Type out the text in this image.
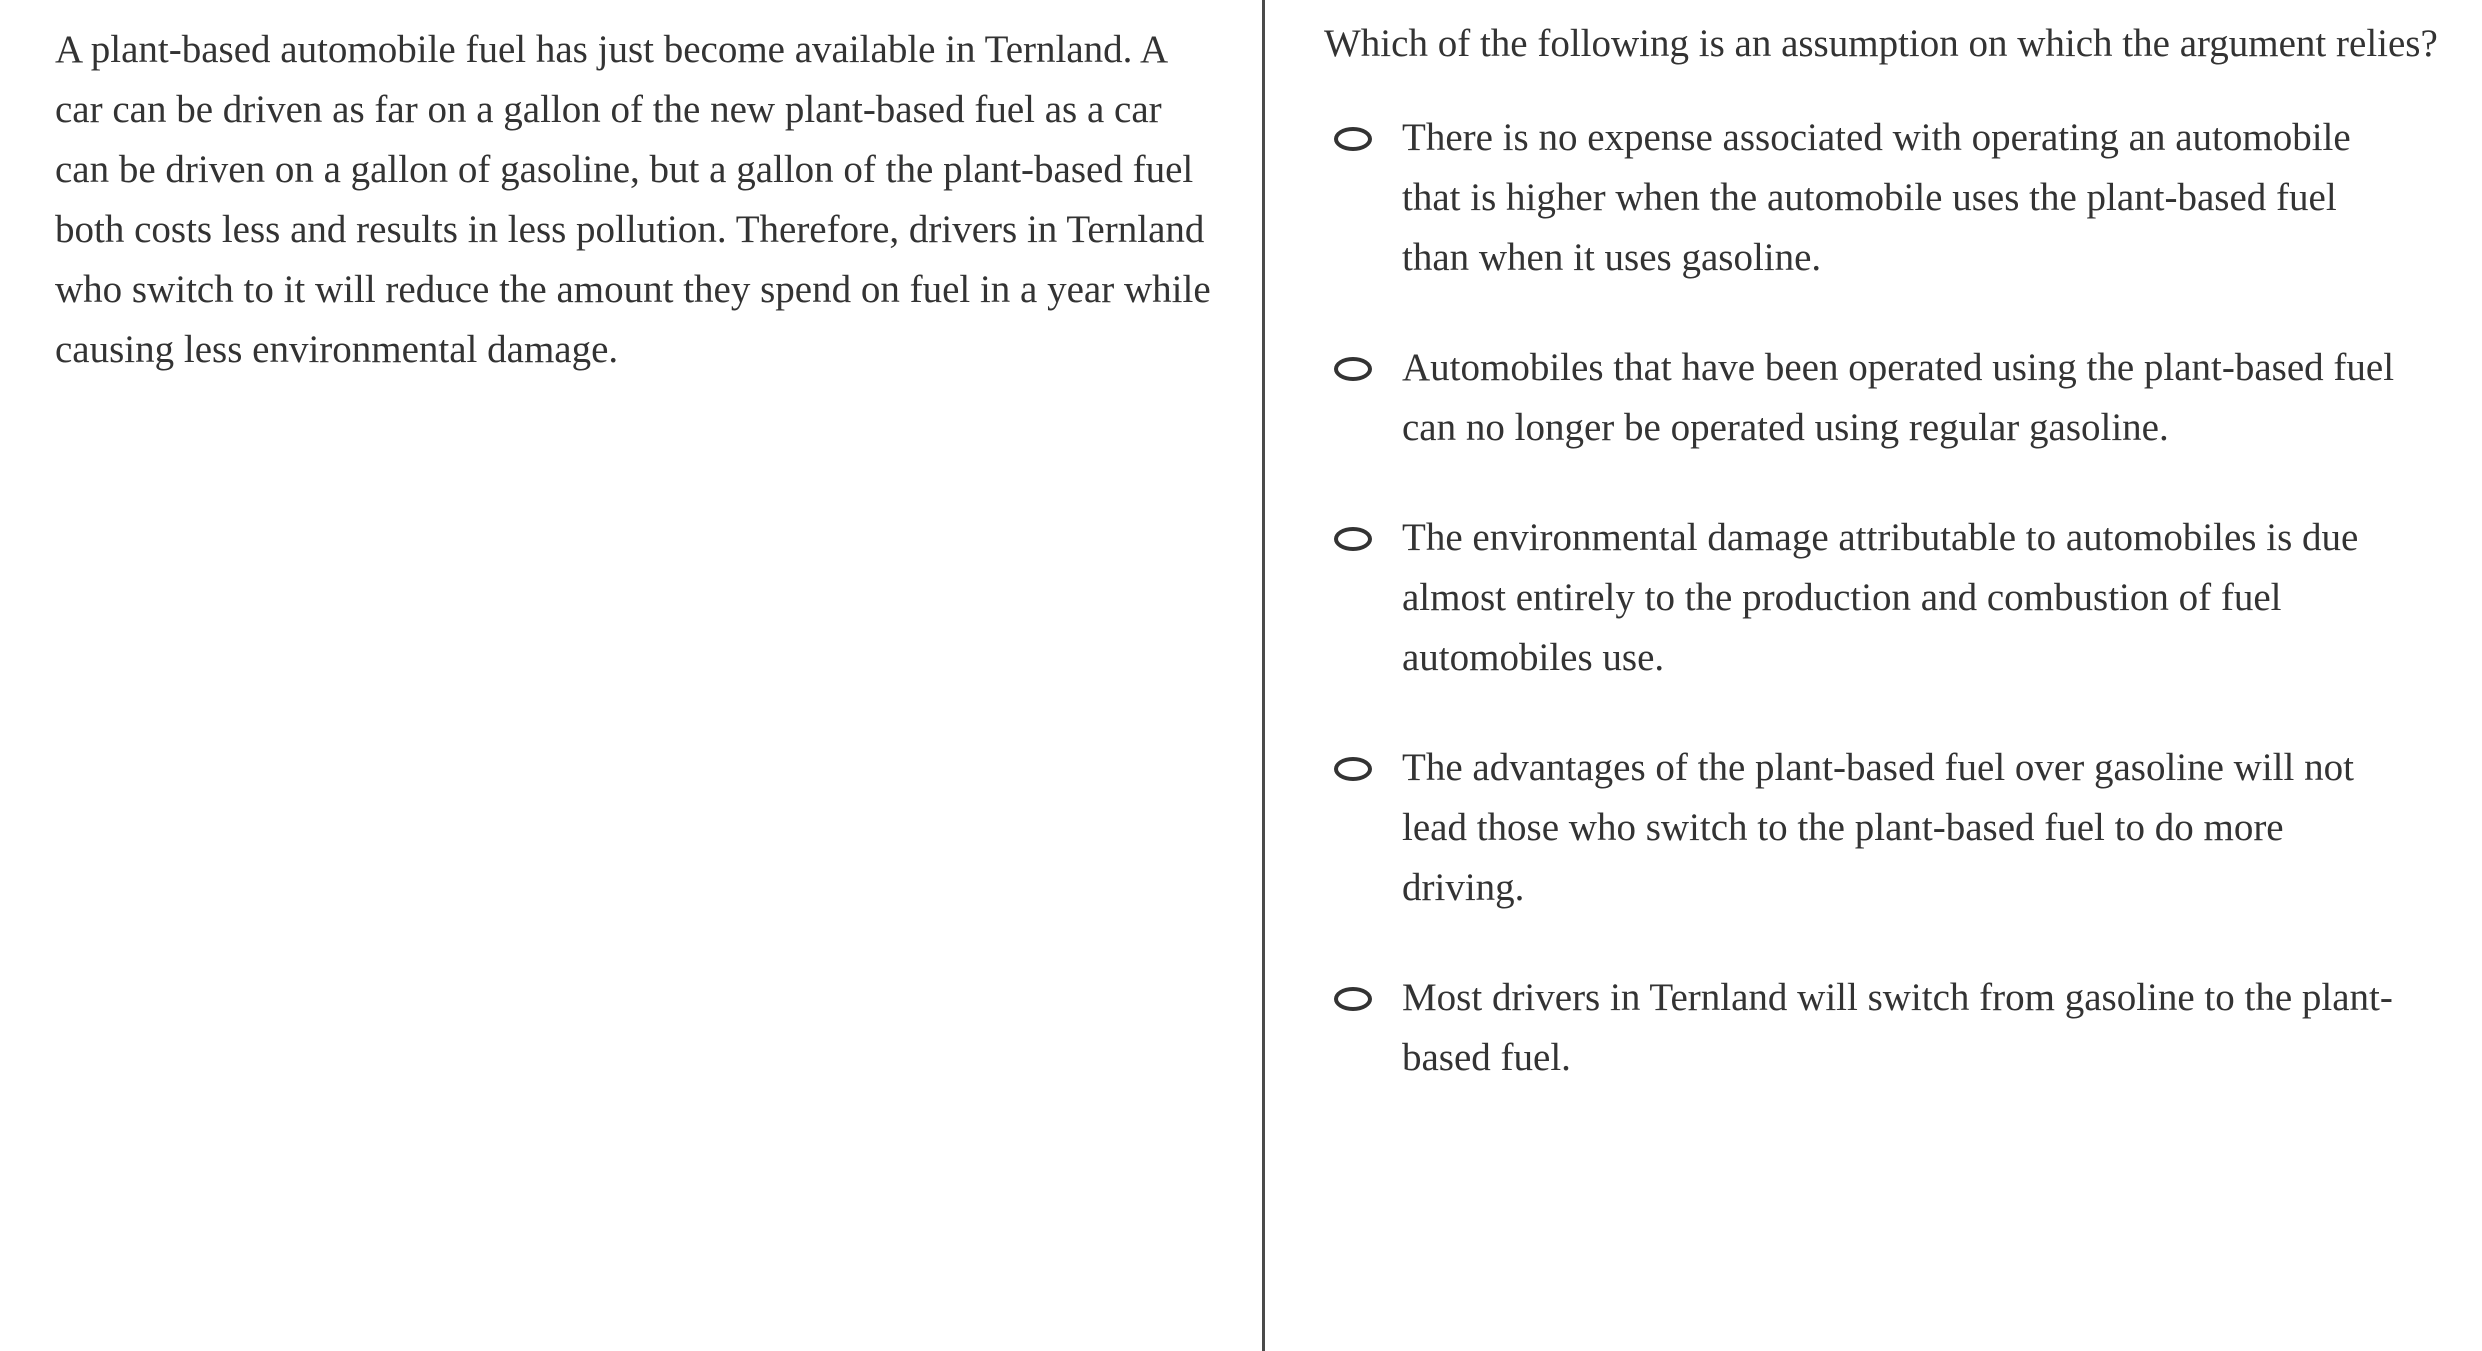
A plant-based automobile fuel has just become available in Ternland. A car can be driven as far on a gallon of the new plant-based fuel as a car can be driven on a gallon of gasoline, but a gallon of the plant-based fuel both costs less and results in less pollution. Therefore, drivers in Ternland who switch to it will reduce the amount they spend on fuel in a year while causing less environmental damage.

Which of the following is an assumption on which the argument relies?

There is no expense associated with operating an automobile that is higher when the automobile uses the plant-based fuel than when it uses gasoline.
Automobiles that have been operated using the plant-based fuel can no longer be operated using regular gasoline.
The environmental damage attributable to automobiles is due almost entirely to the production and combustion of fuel automobiles use.
The advantages of the plant-based fuel over gasoline will not lead those who switch to the plant-based fuel to do more driving.
Most drivers in Ternland will switch from gasoline to the plant-based fuel.
